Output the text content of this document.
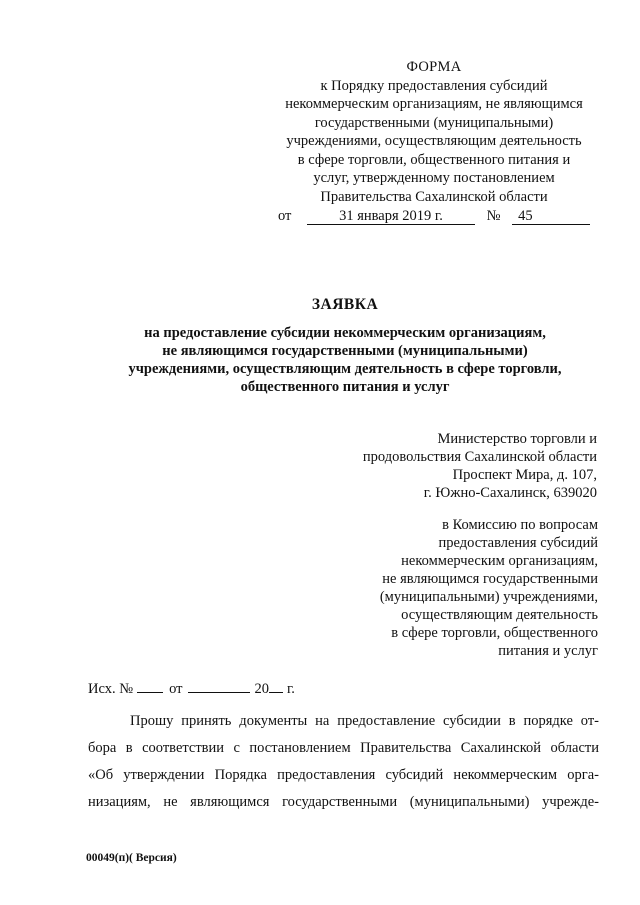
ФОРМА
к Порядку предоставления субсидий
некоммерческим организациям, не являющимся
государственными (муниципальными)
учреждениями, осуществляющим деятельность
в сфере торговли, общественного питания и
услуг, утвержденному постановлением
Правительства Сахалинской области
от	31 января 2019 г.	№ 45
ЗАЯВКА
на предоставление субсидии некоммерческим организациям,
не являющимся государственными (муниципальными)
учреждениями, осуществляющим деятельность в сфере торговли,
общественного питания и услуг
Министерство торговли и
продовольствия Сахалинской области
Проспект Мира, д. 107,
г. Южно-Сахалинск, 639020
в Комиссию по вопросам
предоставления субсидий
некоммерческим организациям,
не являющимся государственными
(муниципальными) учреждениями,
осуществляющим деятельность
в сфере торговли, общественного
питания и услуг
Исх. № от	20 г.
Прошу принять документы на предоставление субсидии в порядке от-
бора в соответствии с постановлением Правительства Сахалинской области
«Об утверждении Порядка предоставления субсидий некоммерческим орга-
низациям, не являющимся государственными (муниципальными) учрежде-
00049(п)( Версия)
